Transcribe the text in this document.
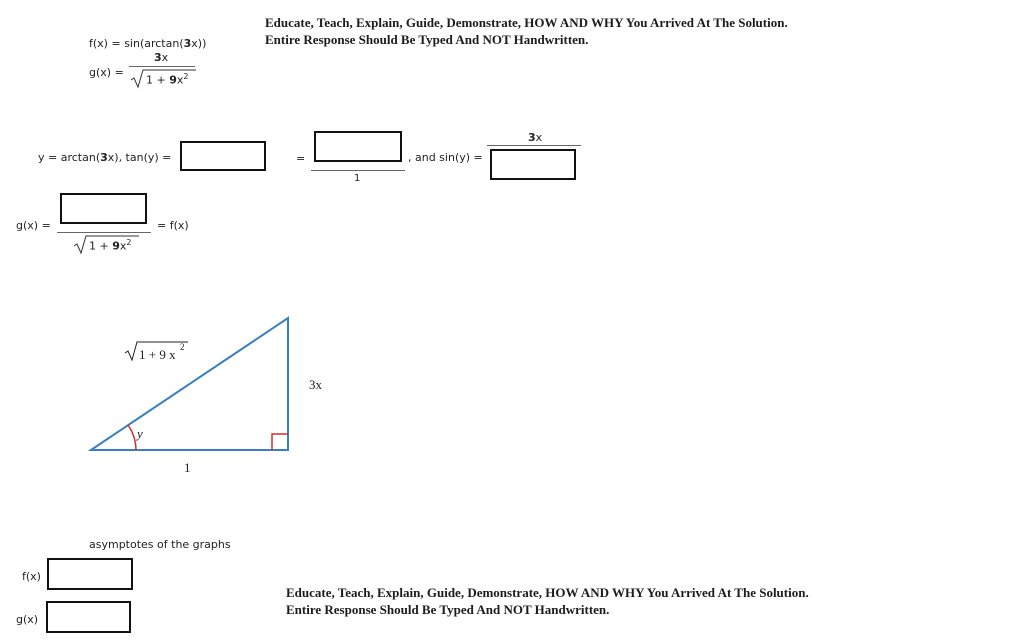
Educate, Teach, Explain, Guide, Demonstrate, HOW AND WHY You Arrived At The Solution.
Entire Response Should Be Typed And NOT Handwritten.
f(x) = sin(arctan(3x))
g(x) =
3x
$1 + 9x^2$
y = arctan(3x), tan(y) =	=
1
, and sin(y) =
3x
g(x) =
$1 + 9x^2$
= f(x)
y
1
3x
1 + 9 x 2
asymptotes of the graphs
f(x)
g(x)
Educate, Teach, Explain, Guide, Demonstrate, HOW AND WHY You Arrived At The Solution.
Entire Response Should Be Typed And NOT Handwritten.
